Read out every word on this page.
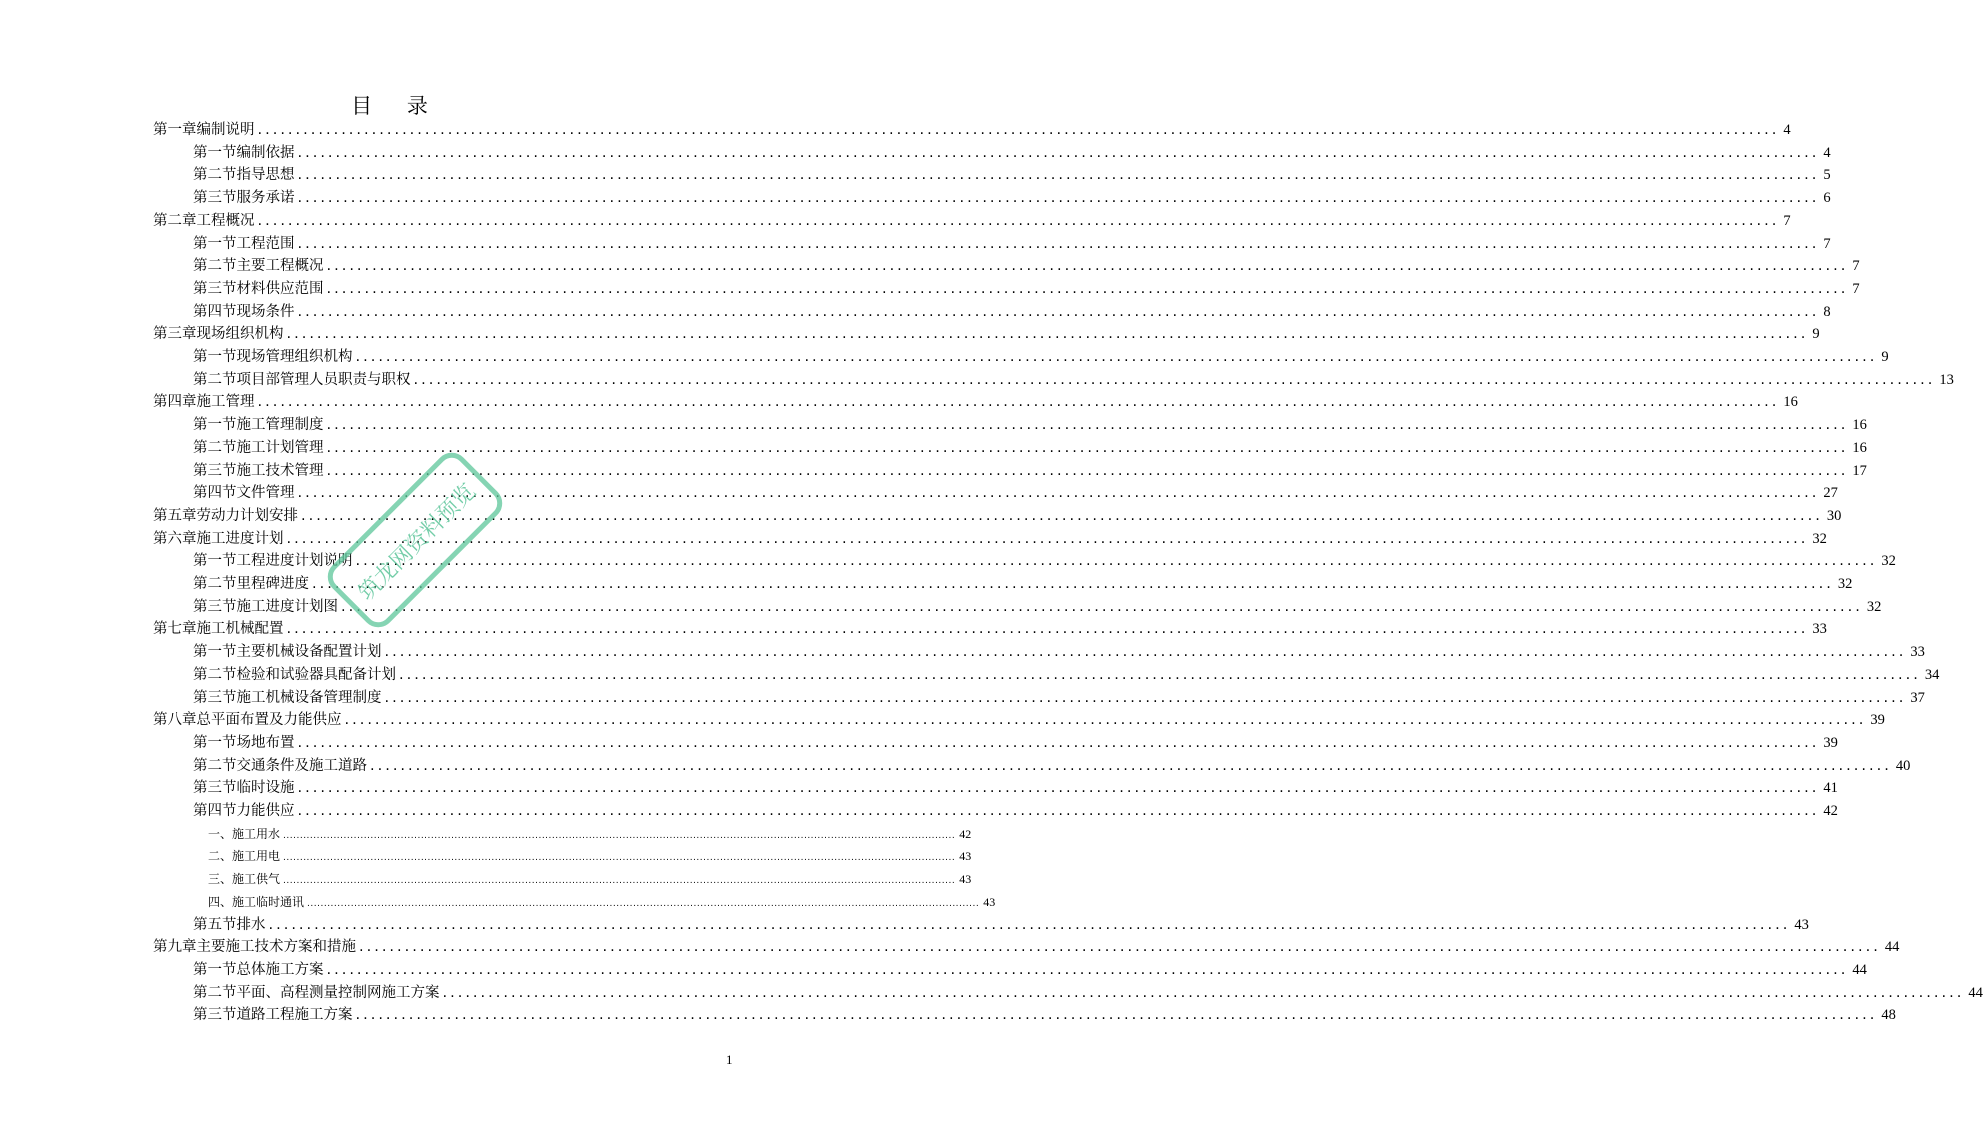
目 录
第一章 编制说明 ........................................................................................................................................................................................................ 4
第一节 编制依据 ........................................................................................................................................................................................................ 4
第二节 指导思想 ........................................................................................................................................................................................................ 5
第三节 服务承诺 ........................................................................................................................................................................................................ 6
第二章 工程概况 ........................................................................................................................................................................................................ 7
第一节 工程范围 ........................................................................................................................................................................................................ 7
第二节 主要工程概况 ........................................................................................................................................................................................................ 7
第三节 材料供应范围 ........................................................................................................................................................................................................ 7
第四节 现场条件 ........................................................................................................................................................................................................ 8
第三章 现场组织机构 ........................................................................................................................................................................................................ 9
第一节 现场管理组织机构 ........................................................................................................................................................................................................ 9
第二节 项目部管理人员职责与职权 ........................................................................................................................................................................................................ 13
第四章 施工管理 ........................................................................................................................................................................................................ 16
第一节 施工管理制度 ........................................................................................................................................................................................................ 16
第二节 施工计划管理 ........................................................................................................................................................................................................ 16
第三节 施工技术管理 ........................................................................................................................................................................................................ 17
第四节 文件管理 ........................................................................................................................................................................................................ 27
第五章 劳动力计划安排 ........................................................................................................................................................................................................ 30
第六章 施工进度计划 ........................................................................................................................................................................................................ 32
第一节 工程进度计划说明 ........................................................................................................................................................................................................ 32
第二节 里程碑进度 ........................................................................................................................................................................................................ 32
第三节 施工进度计划图 ........................................................................................................................................................................................................ 32
第七章 施工机械配置 ........................................................................................................................................................................................................ 33
第一节 主要机械设备配置计划 ........................................................................................................................................................................................................ 33
第二节 检验和试验器具配备计划 ........................................................................................................................................................................................................ 34
第三节 施工机械设备管理制度 ........................................................................................................................................................................................................ 37
第八章 总平面布置及力能供应 ........................................................................................................................................................................................................ 39
第一节 场地布置 ........................................................................................................................................................................................................ 39
第二节 交通条件及施工道路 ........................................................................................................................................................................................................ 40
第三节 临时设施 ........................................................................................................................................................................................................ 41
第四节 力能供应 ........................................................................................................................................................................................................ 42
一、 施工用水 ........................................................................................................................................................................................................ 42
二、 施工用电 ........................................................................................................................................................................................................ 43
三、 施工供气 ........................................................................................................................................................................................................ 43
四、 施工临时通讯 ........................................................................................................................................................................................................ 43
第五节 排水 ........................................................................................................................................................................................................ 43
第九章 主要施工技术方案和措施 ........................................................................................................................................................................................................ 44
第一节 总体施工方案 ........................................................................................................................................................................................................ 44
第二节 平面、高程测量控制网施工方案 ........................................................................................................................................................................................................ 44
第三节 道路工程施工方案 ........................................................................................................................................................................................................ 48
1
筑龙网资料预览
